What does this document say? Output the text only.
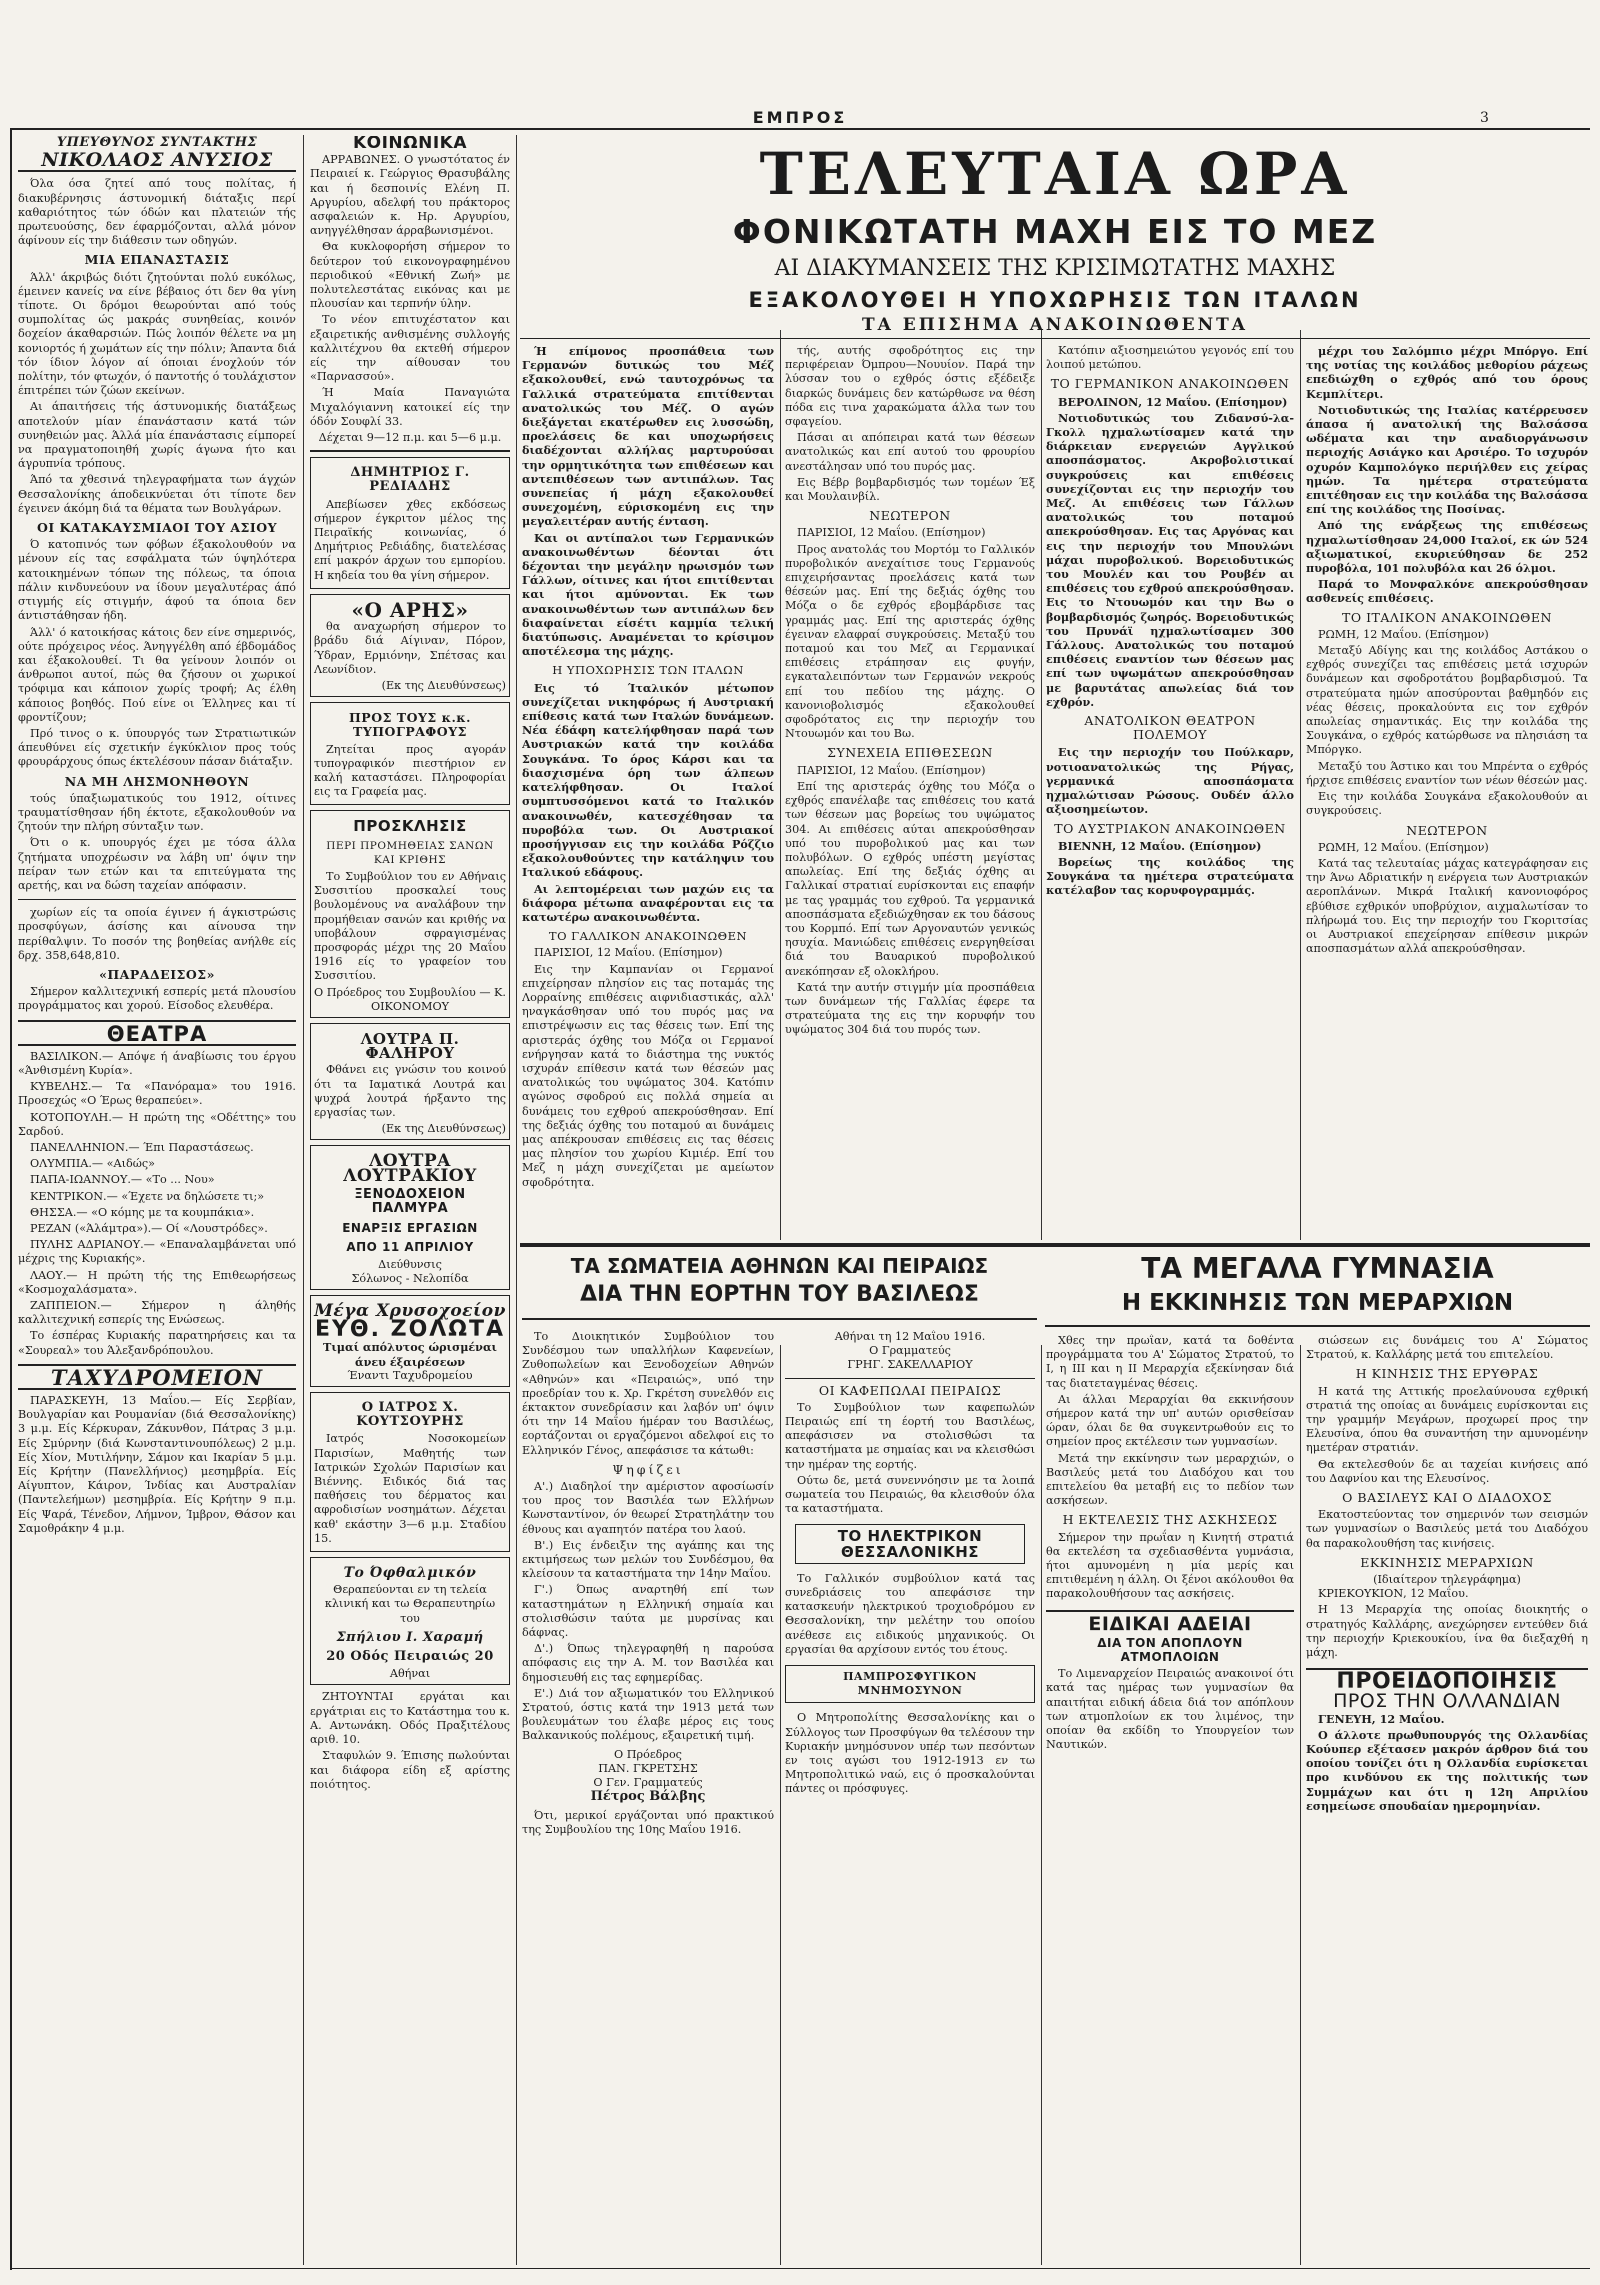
ΕΜΠΡΟΣ	3
ΥΠΕΥΘΥΝΟΣ ΣΥΝΤΑΚΤΗΣ
ΝΙΚΟΛΑΟΣ ΑΝΥΣΙΟΣ

Όλα όσα ζητεί από τους πολίτας, ή διακυβέρνησις άστυνομική διάταξις περί καθαριότητος τών όδών και πλατειών τής πρωτευούσης, δεν έφαρμόζονται, αλλά μόνον άφίνουν είς την διάθεσιν των οδηγών.

ΜΙΑ ΕΠΑΝΑΣΤΑΣΙΣ

Άλλ' άκριβώς διότι ζητούνται πολύ ευκόλως, έμεινεν κανείς να είνε βέβαιος ότι δεν θα γίνη τίποτε. Οι δρόμοι θεωρούνται από τούς συμπολίτας ώς μακράς συνηθείας, κοινόν δοχείον άκαθαρσιών. Πώς λοιπόν θέλετε να μη κονιορτός ή χωμάτων είς την πόλιν; Άπαντα διά τόν ίδιον λόγον αί όποιαι ένοχλούν τόν πολίτην, τόν φτωχόν, ό παντοτής ό τουλάχιστον έπιτρέπει τών ζώων εκείνων.

Αι άπαιτήσεις τής άστυνομικής διατάξεως αποτελούν μίαν έπανάστασιν κατά τών συνηθειών μας. Άλλά μία έπανάστασις είμπορεί να πραγματοποιηθή χωρίς άγωνα ήτο και άγρυπνία τρόπους.

Άπό τα χθεσινά τηλεγραφήματα των άγχών Θεσσαλονίκης άποδεικνύεται ότι τίποτε δεν έγεινεν άκόμη διά τα θέματα των Βουλγάρων.

ΟΙ ΚΑΤΑΚΑΥΣΜΙΑΟΙ ΤΟΥ ΑΣΙΟΥ

Ό κατοπινός των φόβων έξακολουθούν να μένουν είς τας εσφάλματα τών ύψηλότερα κατοικημένων τόπων της πόλεως, τα όποια πάλιν κινδυνεύουν να ίδουν μεγαλυτέρας άπό στιγμής είς στιγμήν, άφού τα όποια δεν άντιστάθησαν ήδη.

Άλλ' ό κατοικήσας κάτοις δεν είνε σημερινός, ούτε πρόχειρος νέος. Άνηγγέλθη από έβδομάδος και έξακολουθεί. Τι θα γείνουν λοιπόν οι άνθρωποι αυτοί, πώς θα ζήσουν οι χωρικοί τρόφιμα και κάποιον χωρίς τροφή; Ας έλθη κάποιος βοηθός. Πού είνε οι Έλληνες και τί φροντίζουν;

Πρό τινος ο κ. ύπουργός των Στρατιωτικών άπευθύνει είς σχετικήν έγκύκλιον προς τούς φρουράρχους όπως έκτελέσουν πάσαν διάταξιν.

ΝΑ ΜΗ ΛΗΣΜΟΝΗΘΟΥΝ

τούς ύπαξιωματικούς του 1912, οίτινες τραυματίσθησαν ήδη έκτοτε, εξακολουθούν να ζητούν την πλήρη σύνταξιν των.

Ότι ο κ. υπουργός έχει με τόσα άλλα ζητήματα υποχρέωσιν να λάβη υπ' όψιν την πείραν των ετών και τα επιτεύγματα της αρετής, και να δώση ταχείαν απόφασιν.

χωρίων είς τα οποία έγινεν ή άγκιστρώσις προσφύγων, άσίσης και αίνουσα την περίθαλψιν. Το ποσόν της βοηθείας ανήλθε είς δρχ. 358,648,810.

«ΠΑΡΑΔΕΙΣΟΣ»

Σήμερον καλλιτεχνική εσπερίς μετά πλουσίου προγράμματος και χορού. Είσοδος ελευθέρα.

ΘΕΑΤΡΑ

ΒΑΣΙΛΙΚΟΝ.— Απόψε ή άναβίωσις του έργου «Άνθισμένη Κυρία».

ΚΥΒΕΛΗΣ.— Τα «Πανόραμα» του 1916. Προσεχώς «Ο Έρως θεραπεύει».

ΚΟΤΟΠΟΥΛΗ.— Η πρώτη της «Οδέττης» του Σαρδού.

ΠΑΝΕΛΛΗΝΙΟΝ.— Έπι Παραστάσεως.

ΟΛΥΜΠΙΑ.— «Αιδώς»

ΠΑΠΑ-ΙΩΑΝΝΟΥ.— «Το ... Νου»

ΚΕΝΤΡΙΚΟΝ.— «Έχετε να δηλώσετε τι;»

ΘΗΣΣΑ.— «Ο κόμης με τα κουμπάκια».

ΡΕΖΑΝ («Άλάμτρα»).— Οί «Λουστρόδες».

ΠΥΛΗΣ ΑΔΡΙΑΝΟΥ.— «Επαναλαμβάνεται υπό μέχρις της Κυριακής».

ΛΑΟΥ.— Η πρώτη τής της Επιθεωρήσεως «Κοσμοχαλάσματα».

ΖΑΠΠΕΙΟΝ.— Σήμερον η άληθής καλλιτεχνική εσπερίς της Ενώσεως.

Το έσπέρας Κυριακής παρατηρήσεις και τα «Σουρεαλ» του Άλεξανδρόπουλου.

ΤΑΧΥΔΡΟΜΕΙΟΝ

ΠΑΡΑΣΚΕΥΗ, 13 Μαΐου.— Είς Σερβίαν, Βουλγαρίαν και Ρουμανίαν (διά Θεσσαλονίκης) 3 μ.μ. Είς Κέρκυραν, Ζάκυνθον, Πάτρας 3 μ.μ. Είς Σμύρνην (διά Κωνσταντινουπόλεως) 2 μ.μ. Είς Χίον, Μυτιλήνην, Σάμον και Ικαρίαν 5 μ.μ. Είς Κρήτην (Πανελλήνιος) μεσημβρία. Είς Αίγυπτον, Κάιρον, Ίνδίας και Αυστραλίαν (Παντελεήμων) μεσημβρία. Είς Κρήτην 9 π.μ. Είς Ψαρά, Τένεδον, Λήμνον, Ίμβρον, Θάσον και Σαμοθράκην 4 μ.μ.

ΚΟΙΝΩΝΙΚΑ

ΑΡΡΑΒΩΝΕΣ. Ο γνωστότατος έν Πειραιεί κ. Γεώργιος Θρασυβάλης και ή δεσποινίς Ελένη Π. Αργυρίου, αδελφή του πράκτορος ασφαλειών κ. Ηρ. Αργυρίου, ανηγγέλθησαν άρραβωνισμένοι.

Θα κυκλοφορήση σήμερον το δεύτερον τού εικονογραφημένου περιοδικού «Εθνική Ζωή» με πολυτελεστάτας εικόνας και με πλουσίαν και τερπνήν ύλην.

Το νέον επιτυχέστατον και εξαιρετικής ανθισμένης συλλογής καλλιτέχνου θα εκτεθή σήμερον είς την αίθουσαν του «Παρνασσού».

Ή Μαία Παναγιώτα Μιχαλόγιαννη κατοικεί είς την όδόν Σουφλί 33.

Δέχεται 9—12 π.μ. και 5—6 μ.μ.

ΔΗΜΗΤΡΙΟΣ Γ. ΡΕΔΙΑΔΗΣ

Απεβίωσεν χθες εκδόσεως σήμερον έγκριτον μέλος της Πειραϊκής κοινωνίας, ό Δημήτριος Ρεδιάδης, διατελέσας επί μακρόν άρχων του εμπορίου. Η κηδεία του θα γίνη σήμερον.

«Ο ΑΡΗΣ»

θα αναχωρήση σήμερον το βράδυ διά Αίγιναν, Πόρον, Ύδραν, Ερμιόνην, Σπέτσας και Λεωνίδιον.

(Εκ της Διευθύνσεως)
ΠΡΟΣ ΤΟΥΣ κ.κ. ΤΥΠΟΓΡΑΦΟΥΣ

Ζητείται προς αγοράν τυπογραφικόν πιεστήριον εν καλή καταστάσει. Πληροφορίαι εις τα Γραφεία μας.

ΠΡΟΣΚΛΗΣΙΣ
ΠΕΡΙ ΠΡΟΜΗΘΕΙΑΣ ΣΑΝΩΝ ΚΑΙ ΚΡΙΘΗΣ

Το Συμβούλιον του εν Αθήναις Συσσιτίου προσκαλεί τους βουλομένους να αναλάβουν την προμήθειαν σανών και κριθής να υποβάλουν σφραγισμένας προσφοράς μέχρι της 20 Μαΐου 1916 είς το γραφείον του Συσσιτίου.

Ο Πρόεδρος του Συμβουλίου — Κ. ΟΙΚΟΝΟΜΟΥ
ΛΟΥΤΡΑ Π. ΦΑΛΗΡΟΥ

Φθάνει εις γνώσιν του κοινού ότι τα Ιαματικά Λουτρά και ψυχρά λουτρά ήρξαντο της εργασίας των.

(Εκ της Διευθύνσεως)
ΛΟΥΤΡΑ ΛΟΥΤΡΑΚΙΟΥ
ΞΕΝΟΔΟΧΕΙΟΝ ΠΑΛΜΥΡΑ
ΕΝΑΡΞΙΣ ΕΡΓΑΣΙΩΝ
ΑΠΟ 11 ΑΠΡΙΛΙΟΥ
Διεύθυνσις
Σόλωνος - Νελοπίδα
Μέγα Χρυσοχοείον
ΕΥΘ. ΖΟΛΩΤΑ
Τιμαί απόλυτος ώρισμέναι άνευ έξαιρέσεων
Έναντι Ταχυδρομείου
Ο ΙΑΤΡΟΣ Χ. ΚΟΥΤΣΟΥΡΗΣ

Ιατρός Νοσοκομείων Παρισίων, Μαθητής των Ιατρικών Σχολών Παρισίων και Βιέννης. Ειδικός διά τας παθήσεις του δέρματος και αφροδισίων νοσημάτων. Δέχεται καθ' εκάστην 3—6 μ.μ. Σταδίου 15.

Το Όφθαλμικόν
Θεραπεύονται εν τη τελεία κλινική και τω Θεραπευτηρίω του
Σπήλιου Ι. Χαραμή
20 Οδός Πειραιώς 20
Αθήναι

ΖΗΤΟΥΝΤΑΙ εργάται και εργάτριαι εις το Κατάστημα του κ. Α. Αντωνάκη. Οδός Πραξιτέλους αριθ. 10.

Σταφυλών 9. Έπισης πωλούνται και διάφορα είδη εξ αρίστης ποιότητος.

ΤΕΛΕΥΤΑΙΑ ΩΡΑ
ΦΟΝΙΚΩΤΑΤΗ ΜΑΧΗ ΕΙΣ ΤΟ ΜΕΖ
ΑΙ ΔΙΑΚΥΜΑΝΣΕΙΣ ΤΗΣ ΚΡΙΣΙΜΩΤΑΤΗΣ ΜΑΧΗΣ
ΕΞΑΚΟΛΟΥΘΕΙ Η ΥΠΟΧΩΡΗΣΙΣ ΤΩΝ ΙΤΑΛΩΝ
ΤΑ ΕΠΙΣΗΜΑ ΑΝΑΚΟΙΝΩΘΕΝΤΑ

Ή επίμονος προσπάθεια των Γερμανών δυτικώς του Μέζ εξακολουθεί, ενώ ταυτοχρόνως τα Γαλλικά στρατεύματα επιτίθενται ανατολικώς του Μέζ. Ο αγών διεξάγεται εκατέρωθεν εις λυσσώδη, προελάσεις δε και υποχωρήσεις διαδέχονται αλλήλας μαρτυρούσαι την ορμητικότητα των επιθέσεων και αντεπιθέσεων των αντιπάλων. Τας συνεπείας ή μάχη εξακολουθεί συνεχομένη, εύρισκομένη εις την μεγαλειτέραν αυτής ένταση.

Και οι αντίπαλοι των Γερμανικών ανακοινωθέντων δέονται ότι δέχονται την μεγάλην ηρωισμόν των Γάλλων, οίτινες και ήτοι επιτίθενται και ήτοι αμύνονται. Εκ των ανακοινωθέντων των αντιπάλων δεν διαφαίνεται είσέτι καμμία τελική διατύπωσις. Αναμένεται το κρίσιμον αποτέλεσμα της μάχης.

Η ΥΠΟΧΩΡΗΣΙΣ ΤΩΝ ΙΤΑΛΩΝ

Εις τό Ίταλικόν μέτωπον συνεχίζεται νικηφόρως ή Αυστριακή επίθεσις κατά των Ιταλών δυνάμεων. Νέα έδάφη κατελήφθησαν παρά των Αυστριακών κατά την κοιλάδα Σουγκάνα. Το όρος Κάρσι και τα διασχισμένα όρη των άλπεων κατελήφθησαν. Οι Ιταλοί συμπτυσσόμενοι κατά το Ιταλικόν ανακοινωθέν, κατεσχέθησαν τα πυροβόλα των. Οι Αυστριακοί προσήγγισαν εις την κοιλάδα Ρόζζιο εξακολουθούντες την κατάληψιν του Ιταλικού εδάφους.

Αι λεπτομέρειαι των μαχών εις τα διάφορα μέτωπα αναφέρονται εις τα κατωτέρω ανακοινωθέντα.

ΤΟ ΓΑΛΛΙΚΟΝ ΑΝΑΚΟΙΝΩΘΕΝ

ΠΑΡΙΣΙΟΙ, 12 Μαΐου. (Επίσημον)

Εις την Καμπανίαν οι Γερμανοί επιχείρησαν πλησίον εις τας ποταμάς της Λορραίνης επιθέσεις αιφνιδιαστικάς, αλλ' ηναγκάσθησαν υπό του πυρός μας να επιστρέψωσιν εις τας θέσεις των. Επί της αριστεράς όχθης του Μόζα οι Γερμανοί ενήργησαν κατά το διάστημα της νυκτός ισχυράν επίθεσιν κατά των θέσεών μας ανατολικώς του υψώματος 304. Κατόπιν αγώνος σφοδρού εις πολλά σημεία αι δυνάμεις του εχθρού απεκρούσθησαν. Επί της δεξιάς όχθης του ποταμού αι δυνάμεις μας απέκρουσαν επιθέσεις εις τας θέσεις μας πλησίον του χωρίου Κιμιέρ. Επί του Μεζ η μάχη συνεχίζεται με αμείωτον σφοδρότητα.

τής, αυτής σφοδρότητος εις την περιφέρειαν Όμπρου—Νουυίον. Παρά την λύσσαν του ο εχθρός όστις εξέδειξε διαρκώς δυνάμεις δεν κατώρθωσε να θέση πόδα εις τινα χαρακώματα άλλα των του σφαγείου.

Πάσαι αι απόπειραι κατά των θέσεων ανατολικώς και επί αυτού του φρουρίου ανεστάλησαν υπό του πυρός μας.

Εις Βέβρ βομβαρδισμός των τομέων Έξ και Μουλαινβίλ.

ΝΕΩΤΕΡΟΝ

ΠΑΡΙΣΙΟΙ, 12 Μαΐου. (Επίσημον)

Προς ανατολάς του Μορτόμ το Γαλλικόν πυροβολικόν ανεχαίτισε τους Γερμανούς επιχειρήσαντας προελάσεις κατά των θέσεών μας. Επί της δεξιάς όχθης του Μόζα ο δε εχθρός εβομβάρδισε τας γραμμάς μας. Επί της αριστεράς όχθης έγειναν ελαφραί συγκρούσεις. Μεταξύ του ποταμού και του Μεζ αι Γερμανικαί επιθέσεις ετράπησαν εις φυγήν, εγκαταλειπόντων των Γερμανών νεκρούς επί του πεδίου της μάχης. Ο κανονιοβολισμός εξακολουθεί σφοδρότατος εις την περιοχήν του Ντουωμόν και του Βω.

ΣΥΝΕΧΕΙΑ ΕΠΙΘΕΣΕΩΝ

ΠΑΡΙΣΙΟΙ, 12 Μαΐου. (Επίσημον)

Επί της αριστεράς όχθης του Μόζα ο εχθρός επανέλαβε τας επιθέσεις του κατά των θέσεων μας βορείως του υψώματος 304. Αι επιθέσεις αύται απεκρούσθησαν υπό του πυροβολικού μας και των πολυβόλων. Ο εχθρός υπέστη μεγίστας απωλείας. Επί της δεξιάς όχθης αι Γαλλικαί στρατιαί ευρίσκονται εις επαφήν με τας γραμμάς του εχθρού. Τα γερμανικά αποσπάσματα εξεδιώχθησαν εκ του δάσους του Κορμπό. Επί των Αργοναυτών γενικώς ησυχία. Μανιώδεις επιθέσεις ενεργηθείσαι διά του Βαυαρικού πυροβολικού ανεκόπησαν εξ ολοκλήρου.

Κατά την αυτήν στιγμήν μία προσπάθεια των δυνάμεων τής Γαλλίας έφερε τα στρατεύματα της εις την κορυφήν του υψώματος 304 διά του πυρός των.

Κατόπιν αξιοσημειώτου γεγονός επί του λοιπού μετώπου.

ΤΟ ΓΕΡΜΑΝΙΚΟΝ ΑΝΑΚΟΙΝΩΘΕΝ

ΒΕΡΟΛΙΝΟΝ, 12 Μαΐου. (Επίσημον)

Νοτιοδυτικώς του Ζιδανσύ-λα-Γκολλ ηχμαλωτίσαμεν κατά την διάρκειαν ενεργειών Αγγλικού αποσπάσματος. Ακροβολιστικαί συγκρούσεις και επιθέσεις συνεχίζονται εις την περιοχήν του Μεζ. Αι επιθέσεις των Γάλλων ανατολικώς του ποταμού απεκρούσθησαν. Εις τας Αργόνας και εις την περιοχήν του Μπουλώνι μάχαι πυροβολικού. Βορειοδυτικώς του Μουλέν και του Ρουβέν αι επιθέσεις του εχθρού απεκρούσθησαν. Εις το Ντουωμόν και την Βω ο βομβαρδισμός ζωηρός. Βορειοδυτικώς του Πρυνάϊ ηχμαλωτίσαμεν 300 Γάλλους. Ανατολικώς του ποταμού επιθέσεις εναντίον των θέσεων μας επί των υψωμάτων απεκρούσθησαν με βαρυτάτας απωλείας διά τον εχθρόν.

ΑΝΑΤΟΛΙΚΟΝ ΘΕΑΤΡΟΝ ΠΟΛΕΜΟΥ

Εις την περιοχήν του Πούλκαρν, νοτιοανατολικώς της Ρήγας, γερμανικά αποσπάσματα ηχμαλώτισαν Ρώσους. Ουδέν άλλο αξιοσημείωτον.

ΤΟ ΑΥΣΤΡΙΑΚΟΝ ΑΝΑΚΟΙΝΩΘΕΝ

ΒΙΕΝΝΗ, 12 Μαΐου. (Επίσημον)

Βορείως της κοιλάδος της Σουγκάνα τα ημέτερα στρατεύματα κατέλαβον τας κορυφογραμμάς.

μέχρι του Σαλόμπιο μέχρι Μπόργο. Επί της νοτίας της κοιλάδος μεθορίου ράχεως επεδιώχθη ο εχθρός από του όρους Κεμπλίτερι.

Νοτιοδυτικώς της Ιταλίας κατέρρευσεν άπασα ή ανατολική της Βαλσάσσα ωδέματα και την αναδιοργάνωσιν περιοχής Ασιάγκο και Αρσιέρο. Το ισχυρόν οχυρόν Καμπολόγκο περιήλθεν εις χείρας ημών. Τα ημέτερα στρατεύματα επιτέθησαν εις την κοιλάδα της Βαλσάσσα επί της κοιλάδος της Ποσίνας.

Από της ενάρξεως της επιθέσεως ηχμαλωτίσθησαν 24,000 Ιταλοί, εκ ών 524 αξιωματικοί, εκυριεύθησαν δε 252 πυροβόλα, 101 πολυβόλα και 26 όλμοι.

Παρά το Μονφαλκόνε απεκρούσθησαν ασθενείς επιθέσεις.

ΤΟ ΙΤΑΛΙΚΟΝ ΑΝΑΚΟΙΝΩΘΕΝ

ΡΩΜΗ, 12 Μαΐου. (Επίσημον)

Μεταξύ Αδίγης και της κοιλάδος Αστάκου ο εχθρός συνεχίζει τας επιθέσεις μετά ισχυρών δυνάμεων και σφοδροτάτου βομβαρδισμού. Τα στρατεύματα ημών αποσύρονται βαθμηδόν εις νέας θέσεις, προκαλούντα εις τον εχθρόν απωλείας σημαντικάς. Εις την κοιλάδα της Σουγκάνα, ο εχθρός κατώρθωσε να πλησιάση τα Μπόργκο.

Μεταξύ του Άστικο και του Μπρέντα ο εχθρός ήρχισε επιθέσεις εναντίον των νέων θέσεών μας.

Εις την κοιλάδα Σουγκάνα εξακολουθούν αι συγκρούσεις.

ΝΕΩΤΕΡΟΝ

ΡΩΜΗ, 12 Μαΐου. (Επίσημον)

Κατά τας τελευταίας μάχας κατεγράφησαν εις την Άνω Αδριατικήν η ενέργεια των Αυστριακών αεροπλάνων. Μικρά Ιταλική κανονιοφόρος εβύθισε εχθρικόν υποβρύχιον, αιχμαλωτίσαν το πλήρωμά του. Εις την περιοχήν του Γκοριτσίας οι Αυστριακοί επεχείρησαν επίθεσιν μικρών αποσπασμάτων αλλά απεκρούσθησαν.

ΤΑ ΣΩΜΑΤΕΙΑ ΑΘΗΝΩΝ ΚΑΙ ΠΕΙΡΑΙΩΣ
ΔΙΑ ΤΗΝ ΕΟΡΤΗΝ ΤΟΥ ΒΑΣΙΛΕΩΣ
ΤΑ ΜΕΓΑΛΑ ΓΥΜΝΑΣΙΑ
Η ΕΚΚΙΝΗΣΙΣ ΤΩΝ ΜΕΡΑΡΧΙΩΝ

Το Διοικητικόν Συμβούλιον του Συνδέσμου των υπαλλήλων Καφενείων, Ζυθοπωλείων και Ξενοδοχείων Αθηνών «Αθηνών» και «Πειραιώς», υπό την προεδρίαν του κ. Χρ. Γκρέτση συνελθόν εις έκτακτον συνεδρίασιν και λαβόν υπ' όψιν ότι την 14 Μαΐου ήμέραν του Βασιλέως, εορτάζονται οι εργαζόμενοι αδελφοί εις το Ελληνικόν Γένος, απεφάσισε τα κάτωθι:

Ψηφίζει

Α'.) Διαδηλοί την αμέριστον αφοσίωσίν του προς τον Βασιλέα των Ελλήνων Κωνσταντίνον, όν θεωρεί Στρατηλάτην του έθνους και αγαπητόν πατέρα του λαού.

Β'.) Εις ένδειξιν της αγάπης και της εκτιμήσεως των μελών του Συνδέσμου, θα κλείσουν τα καταστήματα την 14ην Μαΐου.

Γ'.) Όπως αναρτηθή επί των καταστημάτων η Ελληνική σημαία και στολισθώσιν ταύτα με μυρσίνας και δάφνας.

Δ'.) Όπως τηλεγραφηθή η παρούσα απόφασις εις την Α. Μ. τον Βασιλέα και δημοσιευθή εις τας εφημερίδας.

Ε'.) Διά τον αξιωματικόν του Ελληνικού Στρατού, όστις κατά την 1913 μετά των βουλευμάτων του έλαβε μέρος εις τους Βαλκανικούς πολέμους, εξαιρετική τιμή.

Ο Πρόεδρος
ΠΑΝ. ΓΚΡΕΤΣΗΣ
Ο Γεν. Γραμματεύς
Πέτρος Βάλβης

Ότι, μερικοί εργάζονται υπό πρακτικού της Συμβουλίου της 10ης Μαΐου 1916.

Αθήναι τη 12 Μαΐου 1916.
Ο Γραμματεύς
ΓΡΗΓ. ΣΑΚΕΛΛΑΡΙΟΥ
ΟΙ ΚΑΦΕΠΩΛΑΙ ΠΕΙΡΑΙΩΣ

Το Συμβούλιον των καφεπωλών Πειραιώς επί τη έορτή του Βασιλέως, απεφάσισεν να στολισθώσι τα καταστήματα με σημαίας και να κλεισθώσι την ημέραν της εορτής.

Ούτω δε, μετά συνεννόησιν με τα λοιπά σωματεία του Πειραιώς, θα κλεισθούν όλα τα καταστήματα.

ΤΟ ΗΛΕΚΤΡΙΚΟΝ
ΘΕΣΣΑΛΟΝΙΚΗΣ

Το Γαλλικόν συμβούλιον κατά τας συνεδριάσεις του απεφάσισε την κατασκευήν ηλεκτρικού τροχιοδρόμου εν Θεσσαλονίκη, την μελέτην του οποίου ανέθεσε εις ειδικούς μηχανικούς. Οι εργασίαι θα αρχίσουν εντός του έτους.

ΠΑΜΠΡΟΣΦΥΓΙΚΟΝ ΜΝΗΜΟΣΥΝΟΝ

Ο Μητροπολίτης Θεσσαλονίκης και ο Σύλλογος των Προσφύγων θα τελέσουν την Κυριακήν μνημόσυνον υπέρ των πεσόντων εν τοις αγώσι του 1912-1913 εν τω Μητροπολιτικώ ναώ, εις ό προσκαλούνται πάντες οι πρόσφυγες.

Χθες την πρωΐαν, κατά τα δοθέντα προγράμματα του Α' Σώματος Στρατού, το Ι, η ΙΙΙ και η ΙΙ Μεραρχία εξεκίνησαν διά τας διατεταγμένας θέσεις.

Αι άλλαι Μεραρχίαι θα εκκινήσουν σήμερον κατά την υπ' αυτών ορισθείσαν ώραν, όλαι δε θα συγκεντρωθούν εις το σημείον προς εκτέλεσιν των γυμνασίων.

Μετά την εκκίνησιν των μεραρχιών, ο Βασιλεύς μετά του Διαδόχου και του επιτελείου θα μεταβή εις το πεδίον των ασκήσεων.

Η ΕΚΤΕΛΕΣΙΣ ΤΗΣ ΑΣΚΗΣΕΩΣ

Σήμερον την πρωΐαν η Κινητή στρατιά θα εκτελέση τα σχεδιασθέντα γυμνάσια, ήτοι αμυνομένη η μία μερίς και επιτιθεμένη η άλλη. Οι ξένοι ακόλουθοι θα παρακολουθήσουν τας ασκήσεις.

ΕΙΔΙΚΑΙ ΑΔΕΙΑΙ
ΔΙΑ ΤΟΝ ΑΠΟΠΛΟΥΝ ΑΤΜΟΠΛΟΙΩΝ

Το Λιμεναρχείον Πειραιώς ανακοινοί ότι κατά τας ημέρας των γυμνασίων θα απαιτήται ειδική άδεια διά τον απόπλουν των ατμοπλοίων εκ του λιμένος, την οποίαν θα εκδίδη το Υπουργείον των Ναυτικών.

σιώσεων εις δυνάμεις του Α' Σώματος Στρατού, κ. Καλλάρης μετά του επιτελείου.

Η ΚΙΝΗΣΙΣ ΤΗΣ ΕΡΥΘΡΑΣ

Η κατά της Αττικής προελαύνουσα εχθρική στρατιά της οποίας αι δυνάμεις ευρίσκονται εις την γραμμήν Μεγάρων, προχωρεί προς την Ελευσίνα, όπου θα συναντήση την αμυνομένην ημετέραν στρατιάν.

Θα εκτελεσθούν δε αι ταχείαι κινήσεις από του Δαφνίου και της Ελευσίνος.

Ο ΒΑΣΙΛΕΥΣ ΚΑΙ Ο ΔΙΑΔΟΧΟΣ

Εκατοστεύοντας τον σημερινόν των σεισμών των γυμνασίων ο Βασιλεύς μετά του Διαδόχου θα παρακολουθήση τας κινήσεις.

ΕΚΚΙΝΗΣΙΣ ΜΕΡΑΡΧΙΩΝ
(Ιδιαίτερον τηλεγράφημα)

ΚΡΙΕΚΟΥΚΙΟΝ, 12 Μαΐου.

Η 13 Μεραρχία της οποίας διοικητής ο στρατηγός Καλλάρης, ανεχώρησεν εντεύθεν διά την περιοχήν Κριεκουκίου, ίνα θα διεξαχθή η μάχη.

ΠΡΟΕΙΔΟΠΟΙΗΣΙΣ
ΠΡΟΣ ΤΗΝ ΟΛΛΑΝΔΙΑΝ

ΓΕΝΕΥΗ, 12 Μαΐου.

Ο άλλοτε πρωθυπουργός της Ολλανδίας Κούυπερ εξέτασεν μακρόν άρθρον διά του οποίου τονίζει ότι η Ολλανδία ευρίσκεται προ κινδύνου εκ της πολιτικής των Συμμάχων και ότι η 12η Απριλίου εσημείωσε σπουδαίαν ημερομηνίαν.
